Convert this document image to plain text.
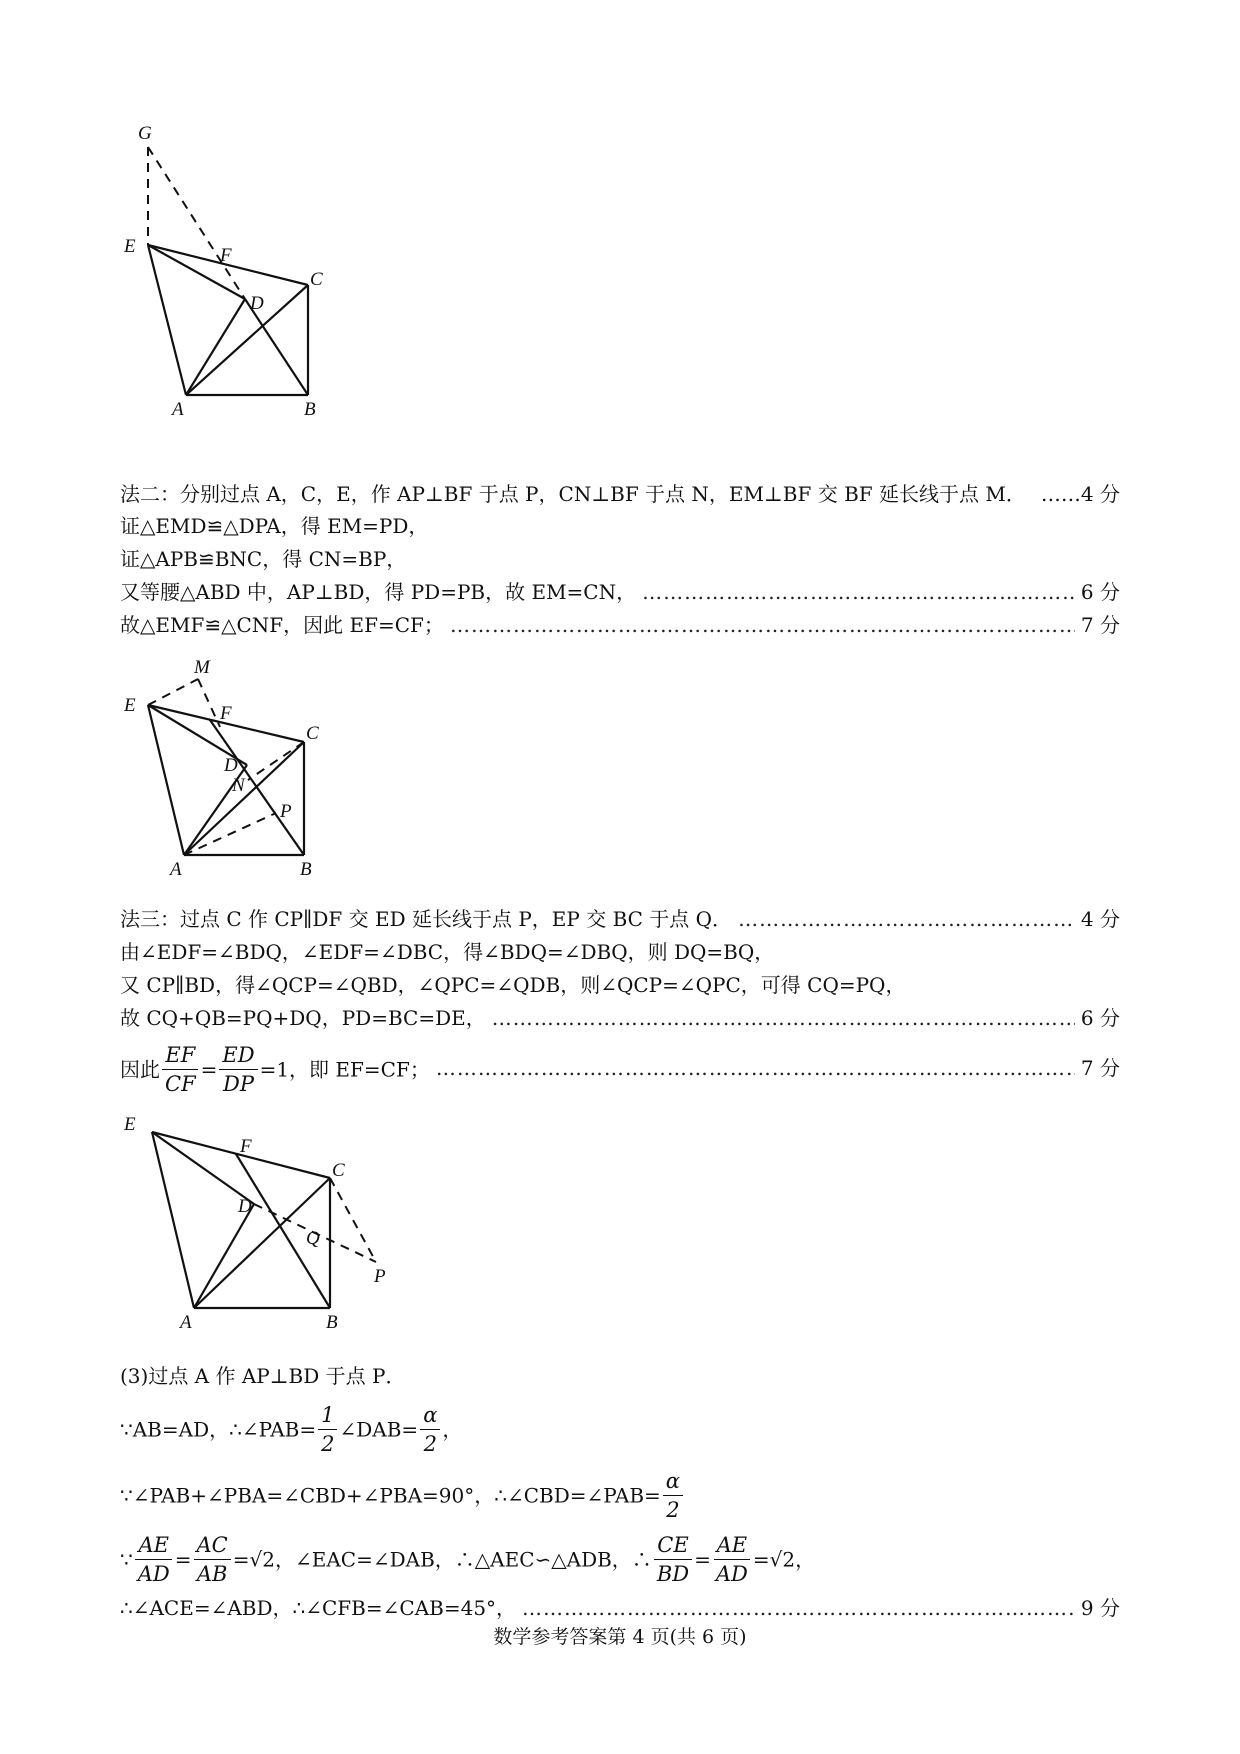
G
E	F
C
D
A	B
法二：分别过点 A，C，E，作 AP⊥BF 于点 P，CN⊥BF 于点 N，EM⊥BF 交 BF 延长线于点 M． ……4 分
证△EMD≌△DPA，得 EM=PD，
证△APB≌BNC，得 CN=BP，
又等腰△ABD 中，AP⊥BD，得 PD=PB，故 EM=CN， ………………………………………………………………………………………………………………………………………………………………………………………………………………………………………………	6 分
故△EMF≌△CNF，因此 EF=CF； ………………………………………………………………………………………………………………………………………………………………………………………………………………………………………………	7 分
M
E	F
C
D
N
P
A	B
法三：过点 C 作 CP∥DF 交 ED 延长线于点 P，EP 交 BC 于点 Q． ………………………………………………………………………………………………………………………………………………………………………………………………………………………………………………	4 分
由∠EDF=∠BDQ，∠EDF=∠DBC，得∠BDQ=∠DBQ，则 DQ=BQ，
又 CP∥BD，得∠QCP=∠QBD，∠QPC=∠QDB，则∠QCP=∠QPC，可得 CQ=PQ，
故 CQ+QB=PQ+DQ，PD=BC=DE， ………………………………………………………………………………………………………………………………………………………………………………………………………………………………………………	6 分
因此 $\frac{EF}{CF} = \frac{ED}{DP} =1$，即 EF=CF； ………………………………………………………………………………………………………………………………………………………………………………………………………………………………………………	7 分
E
F
C
D
Q
P
A	B
(3)过点 A 作 AP⊥BD 于点 P．
∵AB=AD，∴∠PAB= $\frac{1}{2}$ ∠DAB= $\frac{\alpha}{2}$ ，
∵∠PAB+∠PBA=∠CBD+∠PBA=90°，∴∠CBD=∠PAB= $\frac{\alpha}{2}$
∵ $\frac{AE}{AD} = \frac{AC}{AB} =√2$，∠EAC=∠DAB，∴△AEC∽△ADB，∴ $\frac{CE}{BD} = \frac{AE}{AD} =√2$，
∴∠ACE=∠ABD，∴∠CFB=∠CAB=45°， ………………………………………………………………………………………………………………………………………………………………………………………………………………………………………………	9 分
数学参考答案第 4 页(共 6 页)
